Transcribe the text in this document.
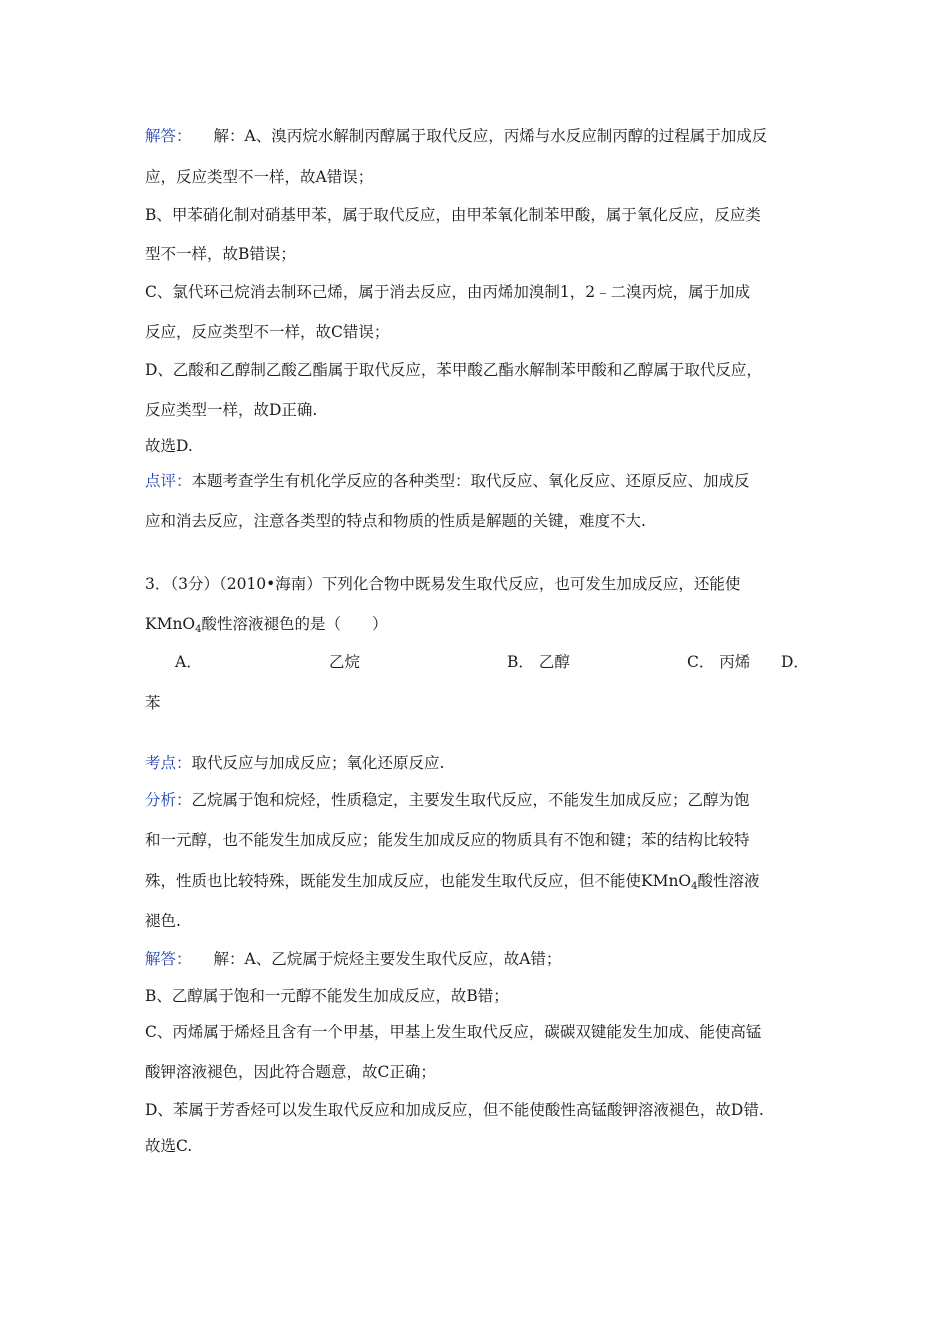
解答： 解：A、溴丙烷水解制丙醇属于取代反应，丙烯与水反应制丙醇的过程属于加成反
应，反应类型不一样，故A错误；
B、甲苯硝化制对硝基甲苯，属于取代反应，由甲苯氧化制苯甲酸，属于氧化反应，反应类
型不一样，故B错误；
C、氯代环己烷消去制环己烯，属于消去反应，由丙烯加溴制1，2﹣二溴丙烷，属于加成
反应，反应类型不一样，故C错误；
D、乙酸和乙醇制乙酸乙酯属于取代反应，苯甲酸乙酯水解制苯甲酸和乙醇属于取代反应，
反应类型一样，故D正确.
故选D.
点评：本题考查学生有机化学反应的各种类型：取代反应、氧化反应、还原反应、加成反
应和消去反应，注意各类型的特点和物质的性质是解题的关键，难度不大.
3．（3分）（2010•海南）下列化合物中既易发生取代反应，也可发生加成反应，还能使
KMnO$_4$酸性溶液褪色的是（　　）
A．	乙烷	B． 乙醇	C． 丙烯 D．
苯
考点：取代反应与加成反应；氧化还原反应.
分析：乙烷属于饱和烷烃，性质稳定，主要发生取代反应，不能发生加成反应；乙醇为饱
和一元醇，也不能发生加成反应；能发生加成反应的物质具有不饱和键；苯的结构比较特
殊，性质也比较特殊，既能发生加成反应，也能发生取代反应，但不能使KMnO$_4$酸性溶液
褪色.
解答： 解：A、乙烷属于烷烃主要发生取代反应，故A错；
B、乙醇属于饱和一元醇不能发生加成反应，故B错；
C、丙烯属于烯烃且含有一个甲基，甲基上发生取代反应，碳碳双键能发生加成、能使高锰
酸钾溶液褪色，因此符合题意，故C正确；
D、苯属于芳香烃可以发生取代反应和加成反应，但不能使酸性高锰酸钾溶液褪色，故D错.
故选C.
